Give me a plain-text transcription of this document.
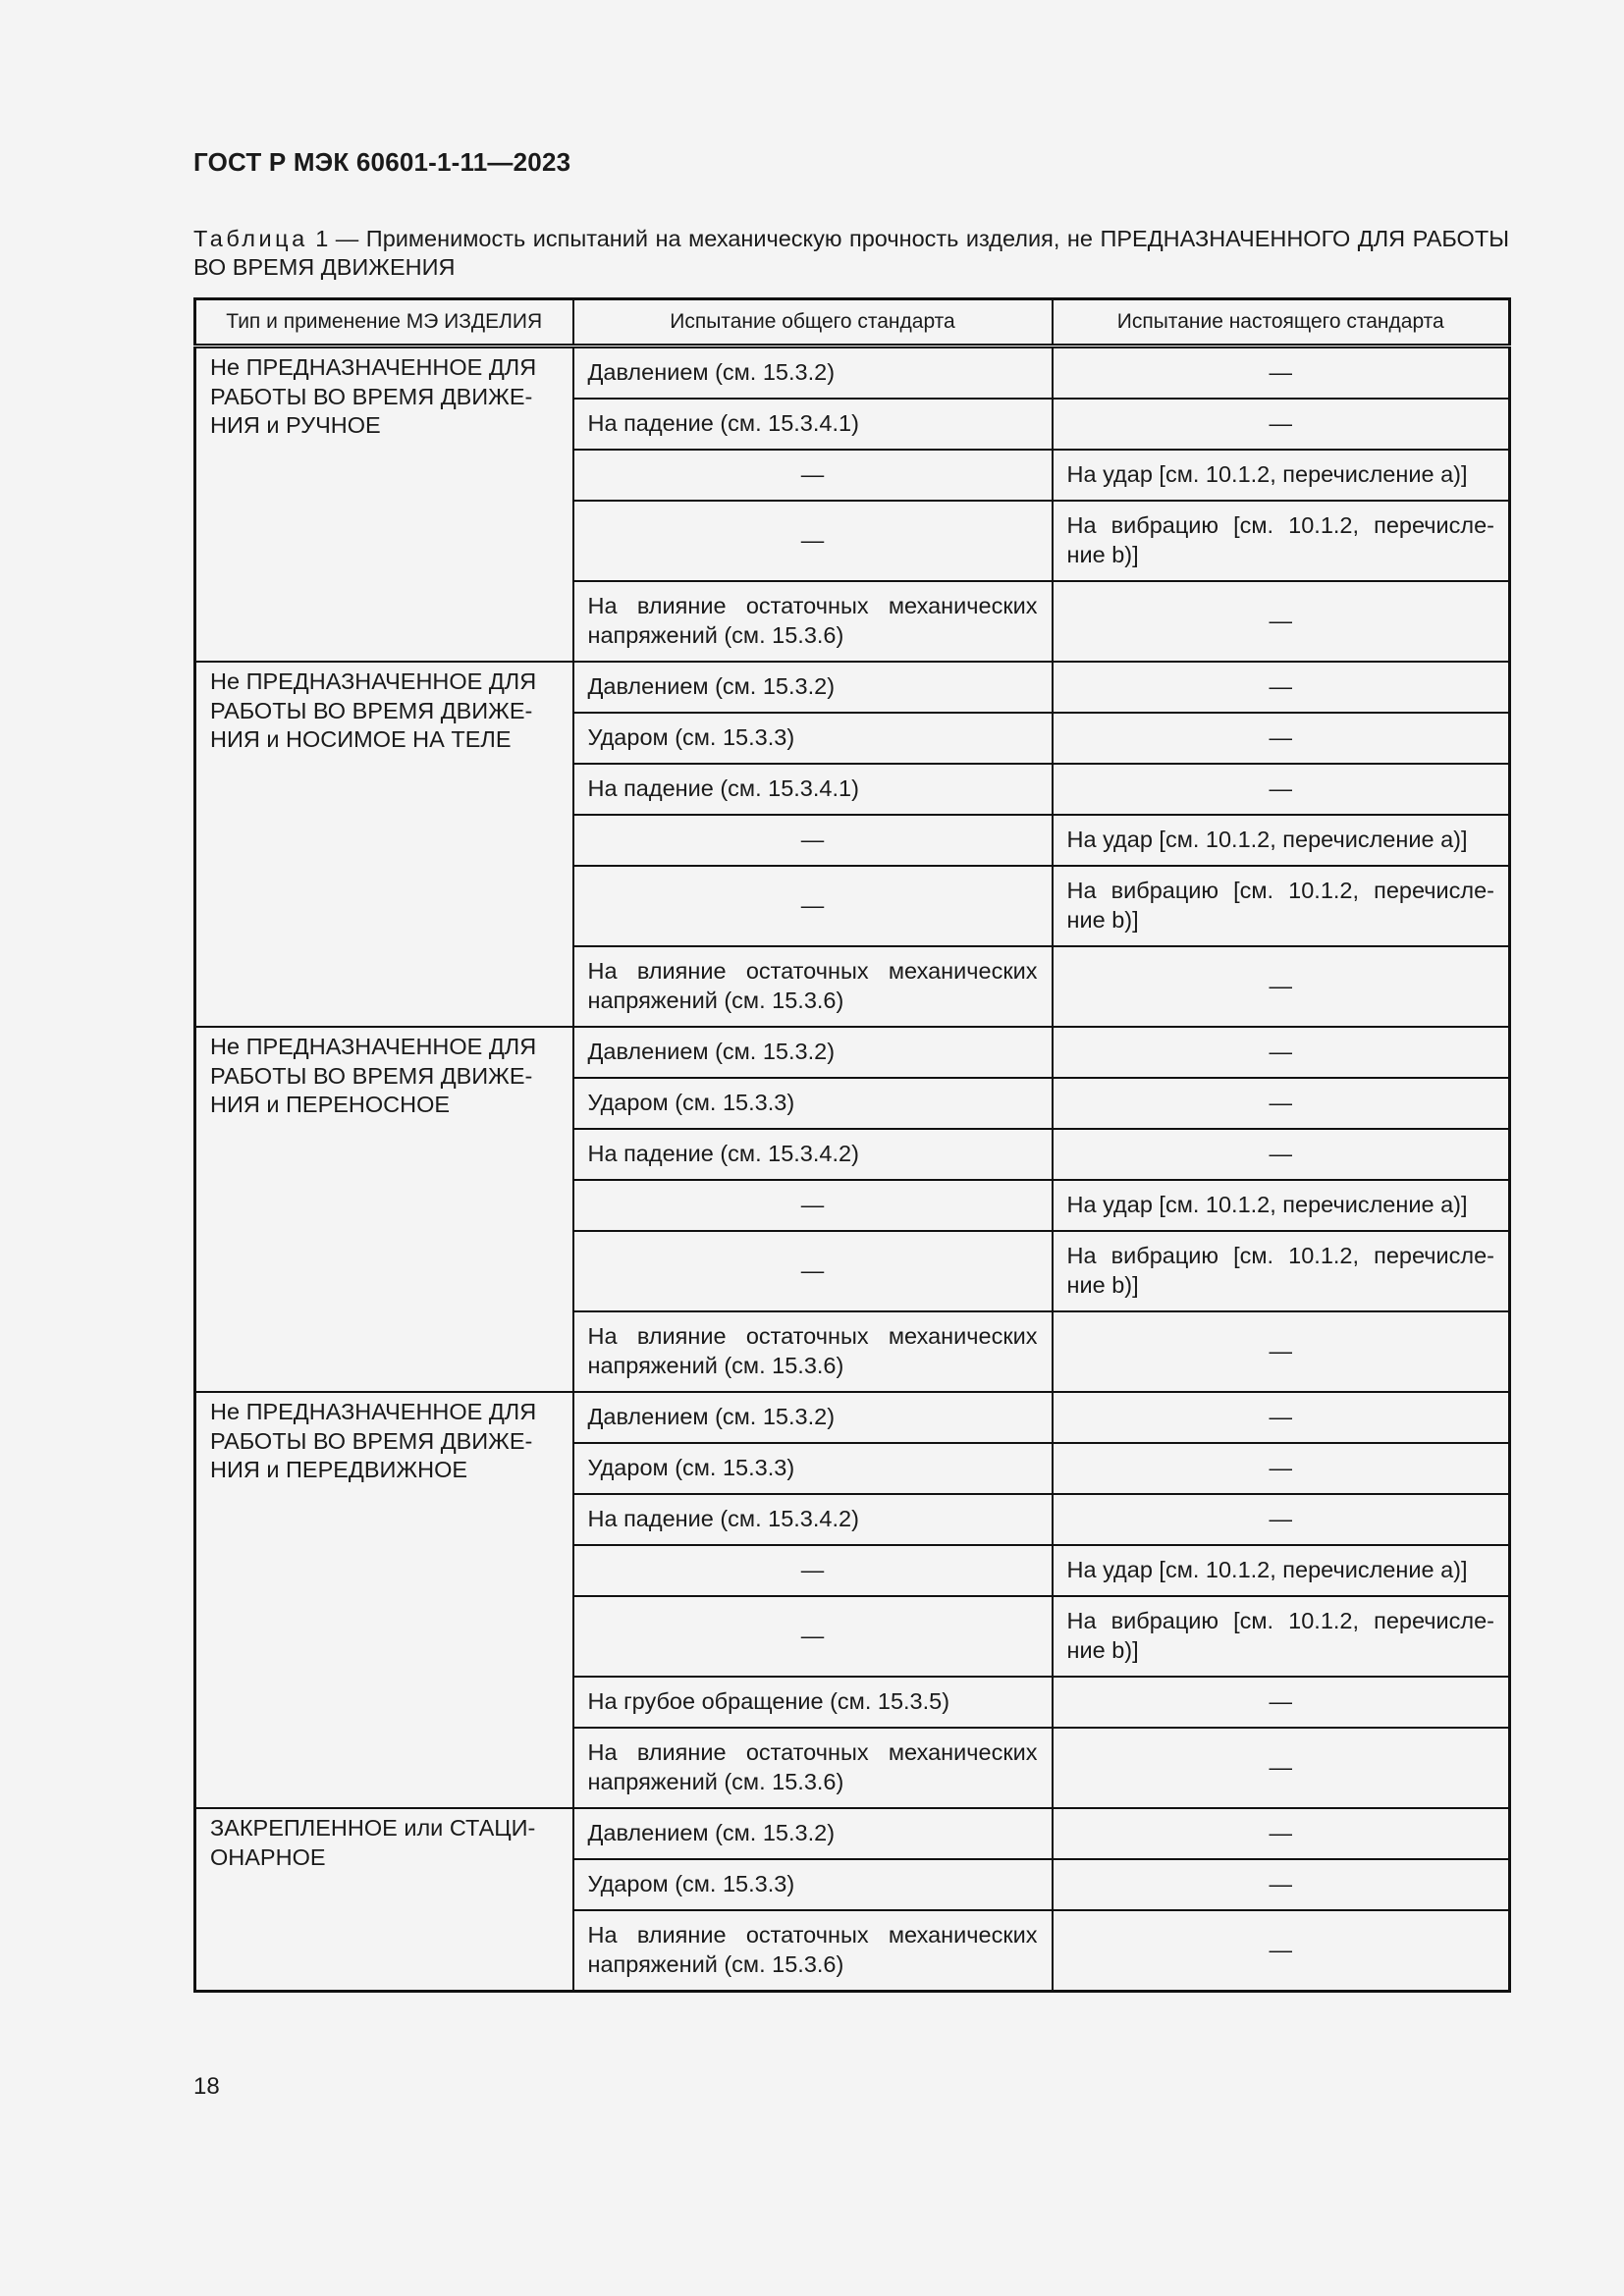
ГОСТ Р МЭК 60601-1-11—2023
Таблица 1 — Применимость испытаний на механическую прочность изделия, не ПРЕДНАЗНАЧЕННОГО ДЛЯ РАБОТЫ ВО ВРЕМЯ ДВИЖЕНИЯ
Тип и применение МЭ ИЗДЕЛИЯ	Испытание общего стандарта	Испытание настоящего стандарта
Не ПРЕДНАЗНАЧЕННОЕ ДЛЯ РАБОТЫ ВО ВРЕМЯ ДВИЖЕ-НИЯ и РУЧНОЕ	Давлением (см. 15.3.2)	—
	На падение (см. 15.3.4.1)	—
	—	На удар [см. 10.1.2, перечисление a)]
	—	На вибрацию [см. 10.1.2, перечисле-ние b)]
	На влияние остаточных механических напряжений (см. 15.3.6)	—
Не ПРЕДНАЗНАЧЕННОЕ ДЛЯ РАБОТЫ ВО ВРЕМЯ ДВИЖЕ-НИЯ и НОСИМОЕ НА ТЕЛЕ	Давлением (см. 15.3.2)	—
	Ударом (см. 15.3.3)	—
	На падение (см. 15.3.4.1)	—
	—	На удар [см. 10.1.2, перечисление a)]
	—	На вибрацию [см. 10.1.2, перечисле-ние b)]
	На влияние остаточных механических напряжений (см. 15.3.6)	—
Не ПРЕДНАЗНАЧЕННОЕ ДЛЯ РАБОТЫ ВО ВРЕМЯ ДВИЖЕ-НИЯ и ПЕРЕНОСНОЕ	Давлением (см. 15.3.2)	—
	Ударом (см. 15.3.3)	—
	На падение (см. 15.3.4.2)	—
	—	На удар [см. 10.1.2, перечисление a)]
	—	На вибрацию [см. 10.1.2, перечисле-ние b)]
	На влияние остаточных механических напряжений (см. 15.3.6)	—
Не ПРЕДНАЗНАЧЕННОЕ ДЛЯ РАБОТЫ ВО ВРЕМЯ ДВИЖЕ-НИЯ и ПЕРЕДВИЖНОЕ	Давлением (см. 15.3.2)	—
	Ударом (см. 15.3.3)	—
	На падение (см. 15.3.4.2)	—
	—	На удар [см. 10.1.2, перечисление a)]
	—	На вибрацию [см. 10.1.2, перечисле-ние b)]
	На грубое обращение (см. 15.3.5)	—
	На влияние остаточных механических напряжений (см. 15.3.6)	—
ЗАКРЕПЛЕННОЕ или СТАЦИ-ОНАРНОЕ	Давлением (см. 15.3.2)	—
	Ударом (см. 15.3.3)	—
	На влияние остаточных механических напряжений (см. 15.3.6)	—
18
